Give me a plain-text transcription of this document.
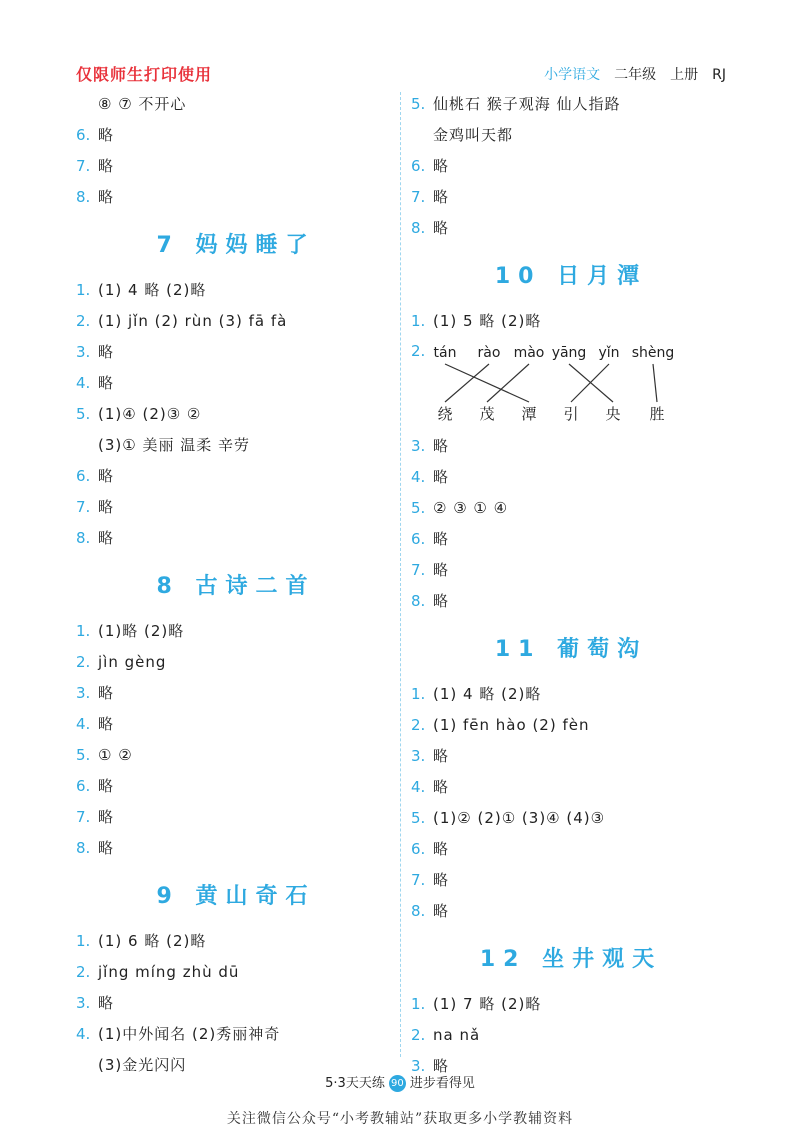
仅限师生打印使用	小学语文 二年级 上册 RJ
⑧ ⑦ 不开心
6. 略
7. 略
8. 略
7 妈妈睡了
1. (1) 4 略 (2)略
2. (1) jǐn (2) rùn (3) fā fà
3. 略
4. 略
5. (1)④ (2)③ ②
(3)① 美丽 温柔 辛劳
6. 略
7. 略
8. 略
8 古诗二首
1. (1)略 (2)略
2. jìn gèng
3. 略
4. 略
5. ① ②
6. 略
7. 略
8. 略
9 黄山奇石
1. (1) 6 略 (2)略
2. jǐng míng zhù dū
3. 略
4. (1)中外闻名 (2)秀丽神奇
(3)金光闪闪
5. 仙桃石 猴子观海 仙人指路
金鸡叫天都
6. 略
7. 略
8. 略
10 日月潭
1. (1) 5 略 (2)略
2. tán rào mào yāng yǐn shèng
绕 茂 潭 引 央 胜
3. 略
4. 略
5. ② ③ ① ④
6. 略
7. 略
8. 略
11 葡萄沟
1. (1) 4 略 (2)略
2. (1) fēn hào (2) fèn
3. 略
4. 略
5. (1)② (2)① (3)④ (4)③
6. 略
7. 略
8. 略
12 坐井观天
1. (1) 7 略 (2)略
2. na nǎ
3. 略
5·3天天练 90 进步看得见
关注微信公众号“小考教辅站”获取更多小学教辅资料
